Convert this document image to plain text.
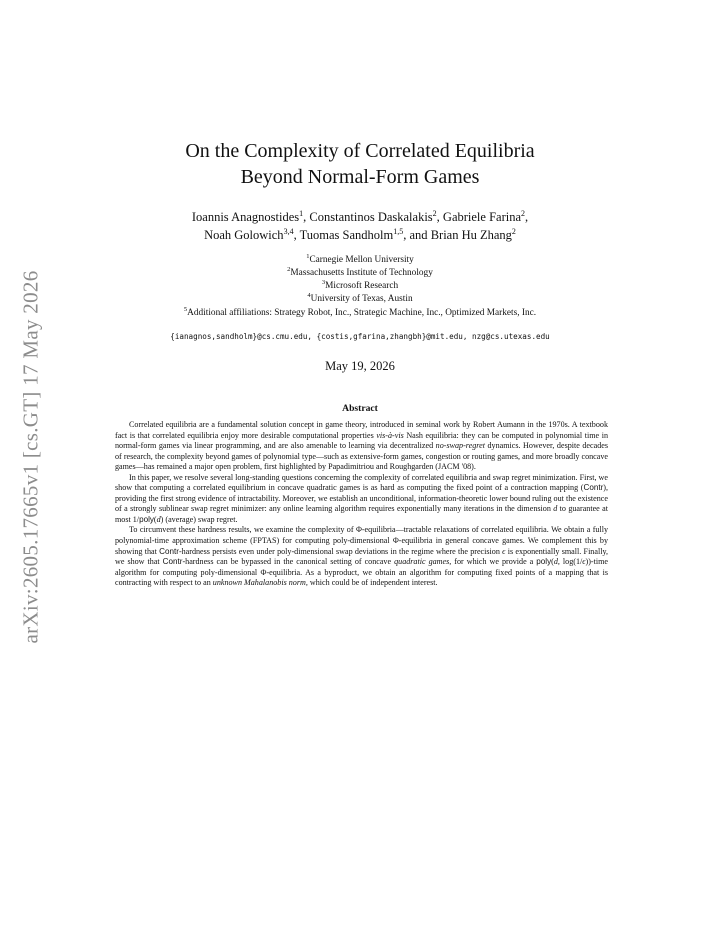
arXiv:2605.17665v1 [cs.GT] 17 May 2026
On the Complexity of Correlated Equilibria
Beyond Normal-Form Games
Ioannis Anagnostides$^1$, Constantinos Daskalakis$^2$, Gabriele Farina$^2$,
Noah Golowich$^{3,4}$, Tuomas Sandholm$^{1,5}$, and Brian Hu Zhang$^2$
$^1$Carnegie Mellon University
$^2$Massachusetts Institute of Technology
$^3$Microsoft Research
$^4$University of Texas, Austin
$^5$Additional affiliations: Strategy Robot, Inc., Strategic Machine, Inc., Optimized Markets, Inc.
{ianagnos,sandholm}@cs.cmu.edu, {costis,gfarina,zhangbh}@mit.edu, nzg@cs.utexas.edu
May 19, 2026
Abstract

Correlated equilibria are a fundamental solution concept in game theory, introduced in seminal work by Robert Aumann in the 1970s. A textbook fact is that correlated equilibria enjoy more desirable computational properties vis-à-vis Nash equilibria: they can be computed in polynomial time in normal-form games via linear programming, and are also amenable to learning via decentralized no-swap-regret dynamics. However, despite decades of research, the complexity beyond games of polynomial type—such as extensive-form games, congestion or routing games, and more broadly concave games—has remained a major open problem, first highlighted by Papadimitriou and Roughgarden (JACM '08).

In this paper, we resolve several long-standing questions concerning the complexity of correlated equilibria and swap regret minimization. First, we show that computing a correlated equilibrium in concave quadratic games is as hard as computing the fixed point of a contraction mapping (Contr), providing the first strong evidence of intractability. Moreover, we establish an unconditional, information-theoretic lower bound ruling out the existence of a strongly sublinear swap regret minimizer: any online learning algorithm requires exponentially many iterations in the dimension d to guarantee at most 1/poly(d) (average) swap regret.

To circumvent these hardness results, we examine the complexity of Φ-equilibria—tractable relaxations of correlated equilibria. We obtain a fully polynomial-time approximation scheme (FPTAS) for computing poly-dimensional Φ-equilibria in general concave games. We complement this by showing that Contr-hardness persists even under poly-dimensional swap deviations in the regime where the precision ϵ is exponentially small. Finally, we show that Contr-hardness can be bypassed in the canonical setting of concave quadratic games, for which we provide a poly(d, log(1/ϵ))-time algorithm for computing poly-dimensional Φ-equilibria. As a byproduct, we obtain an algorithm for computing fixed points of a mapping that is contracting with respect to an unknown Mahalanobis norm, which could be of independent interest.
